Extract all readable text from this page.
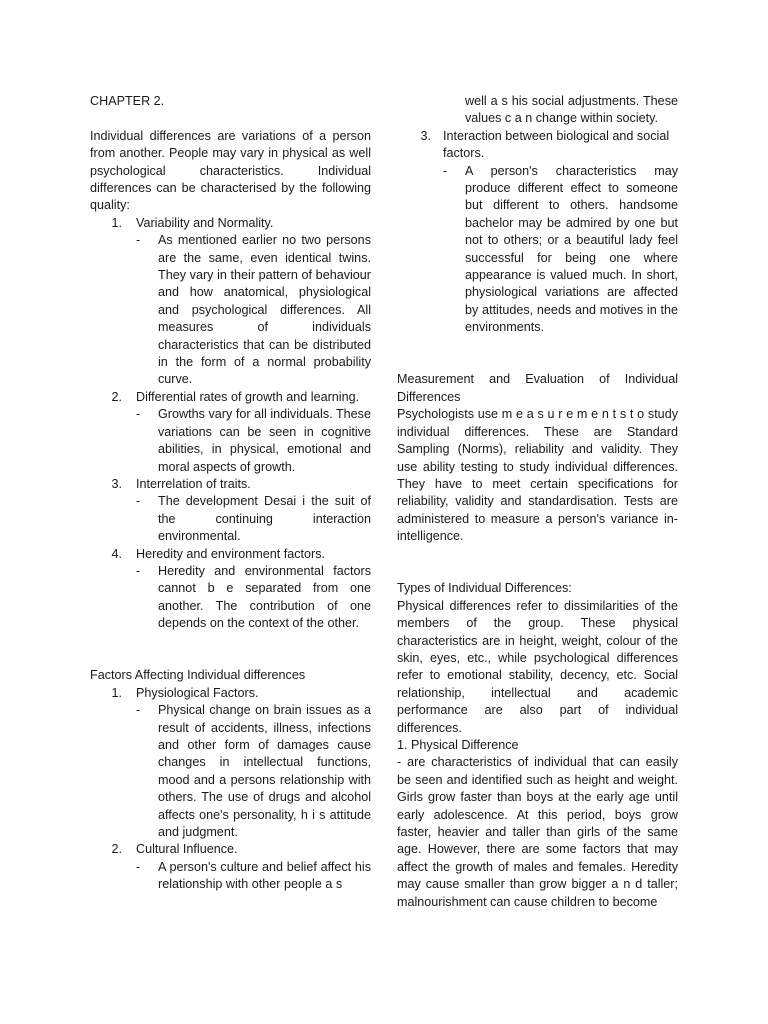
CHAPTER 2.

Individual differences are variations of a person from another. People may vary in physical as well psychological characteristics. Individual differences can be characterised by the following quality:

1. Variability and Normality.
- As mentioned earlier no two persons are the same, even identical twins. They vary in their pattern of behaviour and how anatomical, physiological and psychological differences. All measures of individuals characteristics that can be distributed in the form of a normal probability curve.
2. Differential rates of growth and learning.
- Growths vary for all individuals. These variations can be seen in cognitive abilities, in physical, emotional and moral aspects of growth.
3. Interrelation of traits.
- The development Desai i the suit of the continuing interaction environmental.
4. Heredity and environment factors.
- Heredity and environmental factors cannot b e separated from one another. The contribution of one depends on the context of the other.

Factors Affecting Individual differences

1. Physiological Factors.
- Physical change on brain issues as a result of accidents, illness, infections and other form of damages cause changes in intellectual functions, mood and a persons relationship with others. The use of drugs and alcohol affects one's personality, h i s attitude and judgment.
2. Cultural Influence.
- A person's culture and belief affect his relationship with other people a s

well a s his social adjustments. These values c a n change within society.

3. Interaction between biological and social factors.
- A person's characteristics may produce different effect to someone but different to others. handsome bachelor may be admired by one but not to others; or a beautiful lady feel successful for being one where appearance is valued much. In short, physiological variations are affected by attitudes, needs and motives in the environments.

Measurement and Evaluation of Individual Differences

Psychologists use m e a s u r e m e n t s t o study individual differences. These are Standard Sampling (Norms), reliability and validity. They use ability testing to study individual differences. They have to meet certain specifications for reliability, validity and standardisation. Tests are administered to measure a person's variance in-intelligence.

Types of Individual Differences:

Physical differences refer to dissimilarities of the members of the group. These physical characteristics are in height, weight, colour of the skin, eyes, etc., while psychological differences refer to emotional stability, decency, etc. Social relationship, intellectual and academic performance are also part of individual differences.

1. Physical Difference

- are characteristics of individual that can easily be seen and identified such as height and weight. Girls grow faster than boys at the early age until early adolescence. At this period, boys grow faster, heavier and taller than girls of the same age. However, there are some factors that may affect the growth of males and females. Heredity may cause smaller than grow bigger a n d taller; malnourishment can cause children to become
